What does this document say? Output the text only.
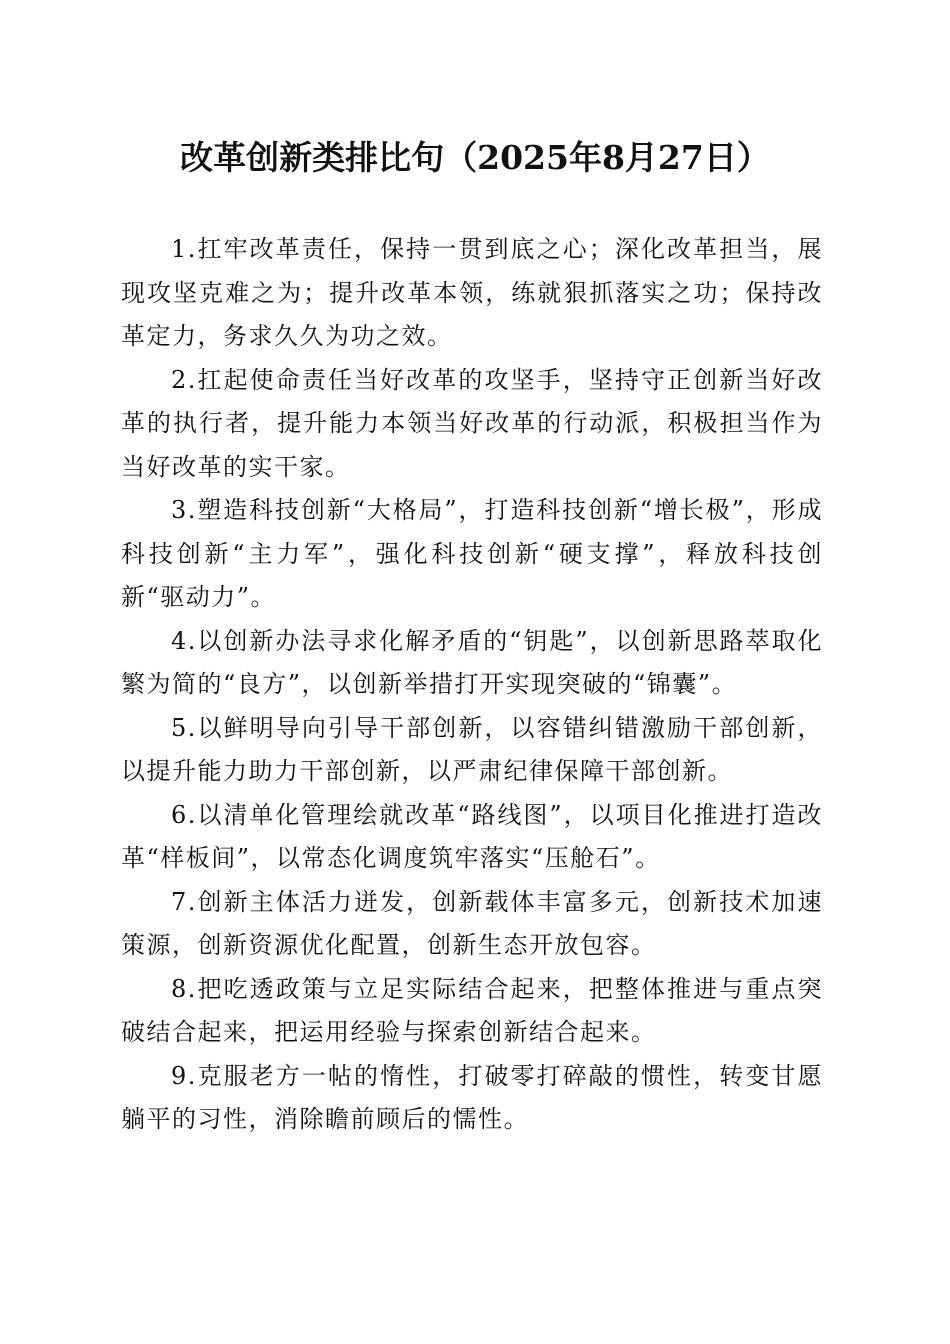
改革创新类排比句（2025年8月27日）

1.扛牢改革责任，保持一贯到底之心；深化改革担当，展现攻坚克难之为；提升改革本领，练就狠抓落实之功；保持改革定力，务求久久为功之效。

2.扛起使命责任当好改革的攻坚手，坚持守正创新当好改革的执行者，提升能力本领当好改革的行动派，积极担当作为当好改革的实干家。

3.塑造科技创新“大格局”，打造科技创新“增长极”，形成科技创新“主力军”，强化科技创新“硬支撑”，释放科技创新“驱动力”。

4.以创新办法寻求化解矛盾的“钥匙”，以创新思路萃取化繁为简的“良方”，以创新举措打开实现突破的“锦囊”。

5.以鲜明导向引导干部创新，以容错纠错激励干部创新，以提升能力助力干部创新，以严肃纪律保障干部创新。

6.以清单化管理绘就改革“路线图”，以项目化推进打造改革“样板间”，以常态化调度筑牢落实“压舱石”。

7.创新主体活力迸发，创新载体丰富多元，创新技术加速策源，创新资源优化配置，创新生态开放包容。

8.把吃透政策与立足实际结合起来，把整体推进与重点突破结合起来，把运用经验与探索创新结合起来。

9.克服老方一帖的惰性，打破零打碎敲的惯性，转变甘愿躺平的习性，消除瞻前顾后的懦性。
